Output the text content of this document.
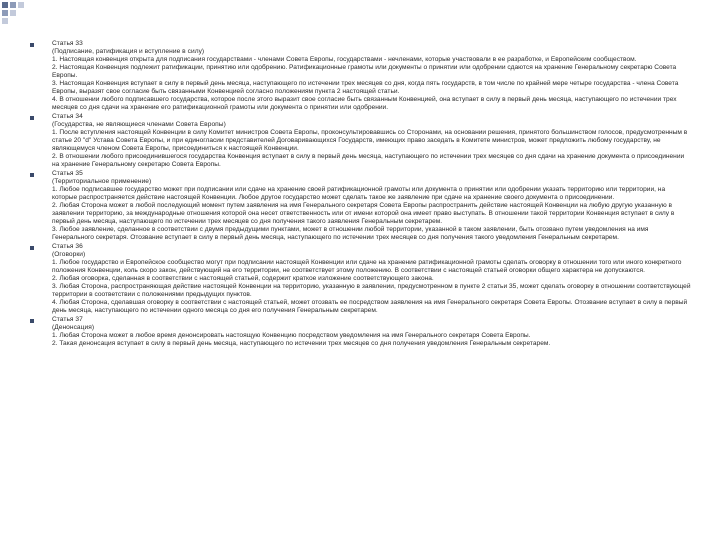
Статья 33
(Подписание, ратификация и вступление в силу)
1. Настоящая конвенция открыта для подписания государствами - членами Совета Европы, государствами - нечленами, которые участвовали в ее разработке, и Европейским сообществом.
2. Настоящая Конвенция подлежит ратификации, принятию или одобрению. Ратификационные грамоты или документы о принятии или одобрении сдаются на хранение Генеральному секретарю Совета Европы.
3. Настоящая Конвенция вступает в силу в первый день месяца, наступающего по истечении трех месяцев со дня, когда пять государств, в том числе по крайней мере четыре государства - члена Совета Европы, выразят свое согласие быть связанными Конвенцией согласно положениям пункта 2 настоящей статьи.
4. В отношении любого подписавшего государства, которое после этого выразит свое согласие быть связанным Конвенцией, она вступает в силу в первый день месяца, наступающего по истечении трех месяцев со дня сдачи на хранение его ратификационной грамоты или документа о принятии или одобрении.
Статья 34
(Государства, не являющиеся членами Совета Европы)
1. После вступления настоящей Конвенции в силу Комитет министров Совета Европы, проконсультировавшись со Сторонами, на основании решения, принятого большинством голосов, предусмотренным в статье 20 "d" Устава Совета Европы, и при единогласии представителей Договаривающихся Государств, имеющих право заседать в Комитете министров, может предложить любому государству, не являющемуся членом Совета Европы, присоединиться к настоящей Конвенции.
2. В отношении любого присоединившегося государства Конвенция вступает в силу в первый день месяца, наступающего по истечении трех месяцев со дня сдачи на хранение документа о присоединении на хранение Генеральному секретарю Совета Европы.
Статья 35
(Территориальное применение)
1. Любое подписавшее государство может при подписании или сдаче на хранение своей ратификационной грамоты или документа о принятии или одобрении указать территорию или территории, на которые распространяется действие настоящей Конвенции. Любое другое государство может сделать такое же заявление при сдаче на хранение своего документа о присоединении.
2. Любая Сторона может в любой последующий момент путем заявления на имя Генерального секретаря Совета Европы распространить действие настоящей Конвенции на любую другую указанную в заявлении территорию, за международные отношения которой она несет ответственность или от имени которой она имеет право выступать. В отношении такой территории Конвенция вступает в силу в первый день месяца, наступающего по истечении трех месяцев со дня получения такого заявления Генеральным секретарем.
3. Любое заявление, сделанное в соответствии с двумя предыдущими пунктами, может в отношении любой территории, указанной в таком заявлении, быть отозвано путем уведомления на имя Генерального секретаря. Отозвание вступает в силу в первый день месяца, наступающего по истечении трех месяцев со дня получения такого уведомления Генеральным секретарем.
Статья 36
(Оговорки)
1. Любое государство и Европейское сообщество могут при подписании настоящей Конвенции или сдаче на хранение ратификационной грамоты сделать оговорку в отношении того или иного конкретного положения Конвенции, коль скоро закон, действующий на его территории, не соответствует этому положению. В соответствии с настоящей статьей оговорки общего характера не допускаются.
2. Любая оговорка, сделанная в соответствии с настоящей статьей, содержит краткое изложение соответствующего закона.
3. Любая Сторона, распространяющая действие настоящей Конвенции на территорию, указанную в заявлении, предусмотренном в пункте 2 статьи 35, может сделать оговорку в отношении соответствующей территории в соответствии с положениями предыдущих пунктов.
4. Любая Сторона, сделавшая оговорку в соответствии с настоящей статьей, может отозвать ее посредством заявления на имя Генерального секретаря Совета Европы. Отозвание вступает в силу в первый день месяца, наступающего по истечении одного месяца со дня его получения Генеральным секретарем.
Статья 37
(Денонсация)
1. Любая Сторона может в любое время денонсировать настоящую Конвенцию посредством уведомления на имя Генерального секретаря Совета Европы.
2. Такая денонсация вступает в силу в первый день месяца, наступающего по истечении трех месяцев со дня получения уведомления Генеральным секретарем.
